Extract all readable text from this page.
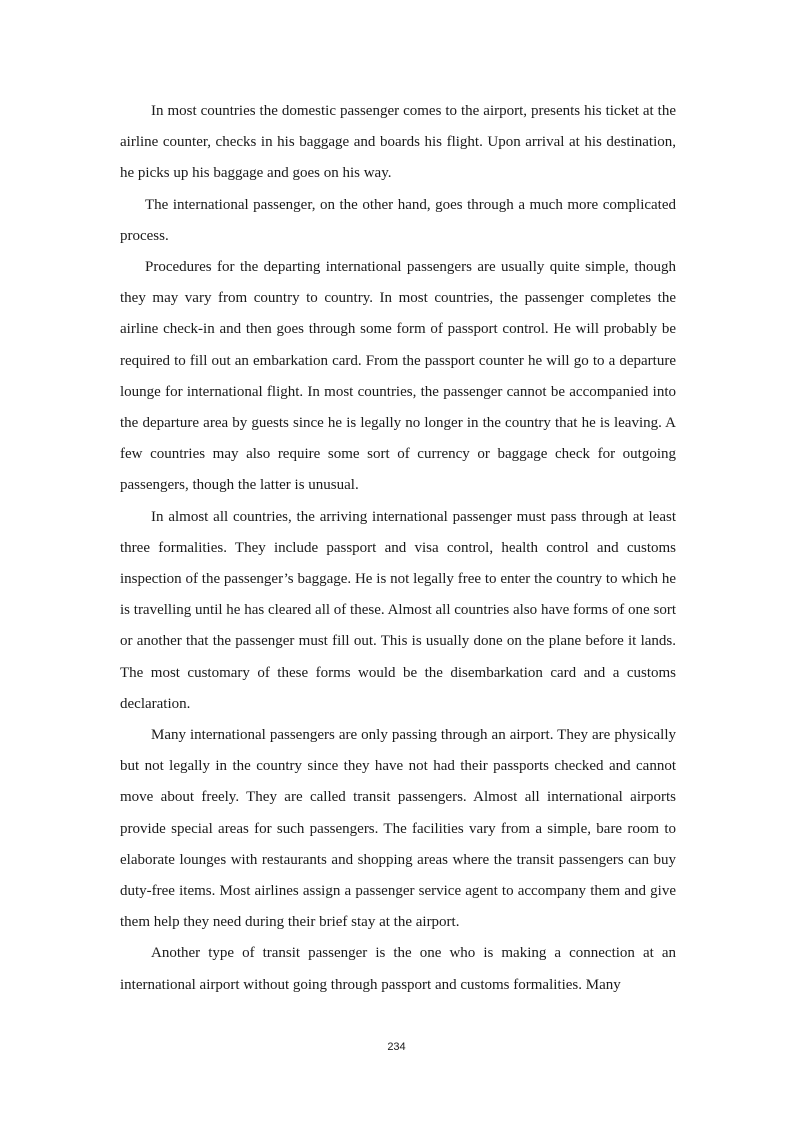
In most countries the domestic passenger comes to the airport, presents his ticket at the airline counter, checks in his baggage and boards his flight. Upon arrival at his destination, he picks up his baggage and goes on his way.

The international passenger, on the other hand, goes through a much more complicated process.

Procedures for the departing international passengers are usually quite simple, though they may vary from country to country. In most countries, the passenger completes the airline check-in and then goes through some form of passport control. He will probably be required to fill out an embarkation card. From the passport counter he will go to a departure lounge for international flight. In most countries, the passenger cannot be accompanied into the departure area by guests since he is legally no longer in the country that he is leaving. A few countries may also require some sort of currency or baggage check for outgoing passengers, though the latter is unusual.

In almost all countries, the arriving international passenger must pass through at least three formalities. They include passport and visa control, health control and customs inspection of the passenger’s baggage. He is not legally free to enter the country to which he is travelling until he has cleared all of these. Almost all countries also have forms of one sort or another that the passenger must fill out. This is usually done on the plane before it lands. The most customary of these forms would be the disembarkation card and a customs declaration.

Many international passengers are only passing through an airport. They are physically but not legally in the country since they have not had their passports checked and cannot move about freely. They are called transit passengers. Almost all international airports provide special areas for such passengers. The facilities vary from a simple, bare room to elaborate lounges with restaurants and shopping areas where the transit passengers can buy duty-free items. Most airlines assign a passenger service agent to accompany them and give them help they need during their brief stay at the airport.

Another type of transit passenger is the one who is making a connection at an international airport without going through passport and customs formalities. Many

234
